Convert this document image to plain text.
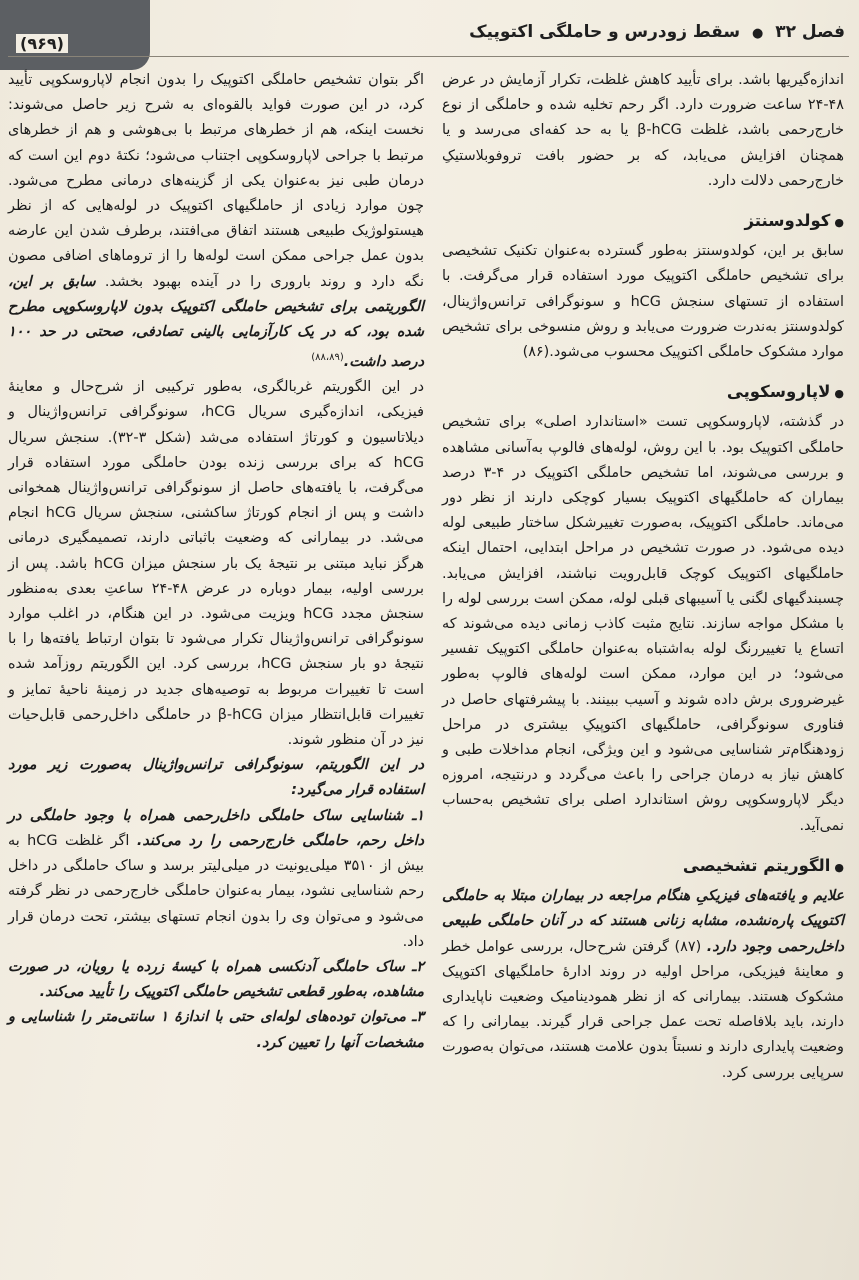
فصل ۳۲ ● سقط زودرس و حاملگی اکتوپیک
(۹۶۹)

اندازه‌گیریها باشد. برای تأیید کاهش غلظت، تکرار آزمایش در عرض ۴۸-۲۴ ساعت ضرورت دارد. اگر رحم تخلیه شده و حاملگی از نوع خارج‌رحمی باشد، غلظت β-hCG یا به حد کفه‌ای می‌رسد و یا همچنان افزایش می‌یابد، که بر حضور بافت تروفوبلاستیکِ خارج‌رحمی دلالت دارد.

●کولدوسنتز

سابق بر این، کولدوسنتز به‌طور گسترده به‌عنوان تکنیک تشخیصی برای تشخیص حاملگی اکتوپیک مورد استفاده قرار می‌گرفت. با استفاده از تستهای سنجش hCG و سونوگرافی ترانس‌واژینال، کولدوسنتز به‌ندرت ضرورت می‌یابد و روش منسوخی برای تشخیص موارد مشکوک حاملگی اکتوپیک محسوب می‌شود.(۸۶)

●لاپاروسکوپی

در گذشته، لاپاروسکوپی تست «استاندارد اصلی» برای تشخیص حاملگی اکتوپیک بود. با این روش، لوله‌های فالوپ به‌آسانی مشاهده و بررسی می‌شوند، اما تشخیص حاملگی اکتوپیک در ۴-۳ درصد بیماران که حاملگیهای اکتوپیک بسیار کوچکی دارند از نظر دور می‌ماند. حاملگی اکتوپیک، به‌صورت تغییرشکل ساختار طبیعی لوله دیده می‌شود. در صورت تشخیص در مراحل ابتدایی، احتمال اینکه حاملگیهای اکتوپیک کوچک قابل‌رویت نباشند، افزایش می‌یابد. چسبندگیهای لگنی یا آسیبهای قبلی لوله، ممکن است بررسی لوله را با مشکل مواجه سازند. نتایج مثبت کاذب زمانی دیده می‌شوند که اتساع یا تغییررنگ لوله به‌اشتباه به‌عنوان حاملگی اکتوپیک تفسیر می‌شود؛ در این موارد، ممکن است لوله‌های فالوپ به‌طور غیرضروری برش داده شوند و آسیب ببینند. با پیشرفتهای حاصل در فناوری سونوگرافی، حاملگیهای اکتوپیکِ بیشتری در مراحل زودهنگام‌تر شناسایی می‌شود و این ویژگی، انجام مداخلات طبی و کاهش نیاز به درمان جراحی را باعث می‌گردد و درنتیجه، امروزه دیگر لاپاروسکوپی روش استاندارد اصلی برای تشخیص به‌حساب نمی‌آید.

●الگوریتم تشخیصی

علایم و یافته‌های فیزیکیِ هنگام مراجعه در بیماران مبتلا به حاملگی اکتوپیک پاره‌نشده، مشابه زنانی هستند که در آنان حاملگی طبیعی داخل‌رحمی وجود دارد. (۸۷) گرفتن شرح‌حال، بررسی عوامل خطر و معاینهٔ فیزیکی، مراحل اولیه در روند ادارهٔ حاملگیهای اکتوپیک مشکوک هستند. بیمارانی که از نظر همودینامیک وضعیت ناپایداری دارند، باید بلافاصله تحت عمل جراحی قرار گیرند. بیمارانی را که وضعیت پایداری دارند و نسبتاً بدون علامت هستند، می‌توان به‌صورت سرپایی بررسی کرد.

اگر بتوان تشخیص حاملگی اکتوپیک را بدون انجام لاپاروسکوپی تأیید کرد، در این صورت فواید بالقوه‌ای به شرح زیر حاصل می‌شوند: نخست اینکه، هم از خطرهای مرتبط با بی‌هوشی و هم از خطرهای مرتبط با جراحی لاپاروسکوپی اجتناب می‌شود؛ نکتهٔ دوم این است که درمان طبی نیز به‌عنوان یکی از گزینه‌های درمانی مطرح می‌شود. چون موارد زیادی از حاملگیهای اکتوپیک در لوله‌هایی که از نظر هیستولوژیک طبیعی هستند اتفاق می‌افتند، برطرف شدن این عارضه بدون عمل جراحی ممکن است لوله‌ها را از تروماهای اضافی مصون نگه دارد و روند باروری را در آینده بهبود بخشد. سابق بر این، الگوریتمی برای تشخیص حاملگی اکتوپیک بدون لاپاروسکوپی مطرح شده بود، که در یک کارآزمایی بالینی تصادفی، صحتی در حد ۱۰۰ درصد داشت.$^{(۸۸،۸۹)}$

در این الگوریتم غربالگری، به‌طور ترکیبی از شرح‌حال و معاینهٔ فیزیکی، اندازه‌گیری سریال hCG، سونوگرافی ترانس‌واژینال و دیلاتاسیون و کورتاژ استفاده می‌شد (شکل ۳-۳۲). سنجش سریال hCG که برای بررسی زنده بودن حاملگی مورد استفاده قرار می‌گرفت، با یافته‌های حاصل از سونوگرافی ترانس‌واژینال همخوانی داشت و پس از انجام کورتاژ ساکشنی، سنجش سریال hCG انجام می‌شد. در بیمارانی که وضعیت باثباتی دارند، تصمیمگیری درمانی هرگز نباید مبتنی بر نتیجهٔ یک بار سنجش میزان hCG باشد. پس از بررسی اولیه، بیمار دوباره در عرض ۴۸-۲۴ ساعتِ بعدی به‌منظور سنجش مجدد hCG ویزیت می‌شود. در این هنگام، در اغلب موارد سونوگرافی ترانس‌واژینال تکرار می‌شود تا بتوان ارتباط یافته‌ها را با نتیجهٔ دو بار سنجش hCG، بررسی کرد. این الگوریتم روزآمد شده است تا تغییرات مربوط به توصیه‌های جدید در زمینهٔ ناحیهٔ تمایز و تغییرات قابل‌انتظار میزان β-hCG در حاملگی داخل‌رحمی قابل‌حیات نیز در آن منظور شوند.

در این الگوریتم، سونوگرافی ترانس‌واژینال به‌صورت زیر مورد استفاده قرار می‌گیرد:

۱ـ شناسایی ساک حاملگی داخل‌رحمی همراه با وجود حاملگی در داخل رحم، حاملگی خارج‌رحمی را رد می‌کند. اگر غلظت hCG به بیش از ۳۵۱۰ میلی‌یونیت در میلی‌لیتر برسد و ساک حاملگی در داخل رحم شناسایی نشود، بیمار به‌عنوان حاملگی خارج‌رحمی در نظر گرفته می‌شود و می‌توان وی را بدون انجام تستهای بیشتر، تحت درمان قرار داد.

۲ـ ساک حاملگی آدنکسی همراه با کیسهٔ زرده یا رویان، در صورت مشاهده، به‌طور قطعی تشخیص حاملگی اکتوپیک را تأیید می‌کند.

۳ـ می‌توان توده‌های لوله‌ای حتی با اندازهٔ ۱ سانتی‌متر را شناسایی و مشخصات آنها را تعیین کرد.
